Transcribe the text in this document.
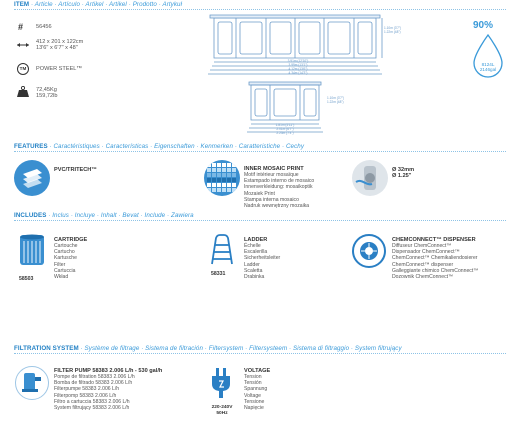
ITEM · Article · Artículo · Artikel · Artikel · Prodotto · Artykuł
# 56456
412 x 201 x 122cm
13'6" x 6'7" x 48"
TM	POWER STEEL™
72,45Kg
159,72lb
3.91m (12'10")
3.99m (13'1")
4.12m (13'6")
4.34m (14'3")
1.10m (3'7")
1.22m (48")
1.81m (5'11")
2.01m (6'7")
2.23m (7'4")
1.10m (3'7")
1.22m (48")
90%
8124L
2146gal
FEATURES · Caractéristiques · Características · Eigenschaften · Kenmerken · Caratteristiche · Cechy
PVC/TRITECH™	INNER MOSAIC PRINT
Motif intérieur mosaïque
Estampado interno de mosaico
Innenverkleidung: mosaikoptik
Mozaiek Print
Stampa interna mosaico
Nadruk wewnętrzny mozaika
Ø 32mm
Ø 1.25"
INCLUDES · Inclus · Incluye · Inhalt · Bevat · Include · Zawiera
58503
CARTRIDGE
Cartouche
Cartucho
Kartusche
Filter
Cartuccia
Wkład
58331
LADDER
Échelle
Escalerilla
Sicherheitsleiter
Ladder
Scaletta
Drabinka
CHEMCONNECT™ DISPENSER
Diffuseur ChemConnect™
Dispensador ChemConnect™
ChemConnect™ Chemikaliendosierer
ChemConnect™ dispenser
Galleggiante chimico ChemConnect™
Dozownik ChemConnect™
FILTRATION SYSTEM · Système de filtrage · Sistema de filtración · Filtersystem · Filtersysteem · Sistema di filtraggio · System filtrujący
FILTER PUMP 58383 2.006 L/h - 530 gal/h
Pompe de filtration 58383 2.006 L/h
Bomba de filtrado 58383 2.006 L/h
Filterpumpe 58383 2.006 L/h
Filterpomp 58383 2.006 L/h
Filtro a cartuccia 58383 2.006 L/h
System filtrujący 58383 2.006 L/h	220-240V
50Hz
VOLTAGE
Tension
Tensión
Spannung
Voltage
Tensione
Napięcie
